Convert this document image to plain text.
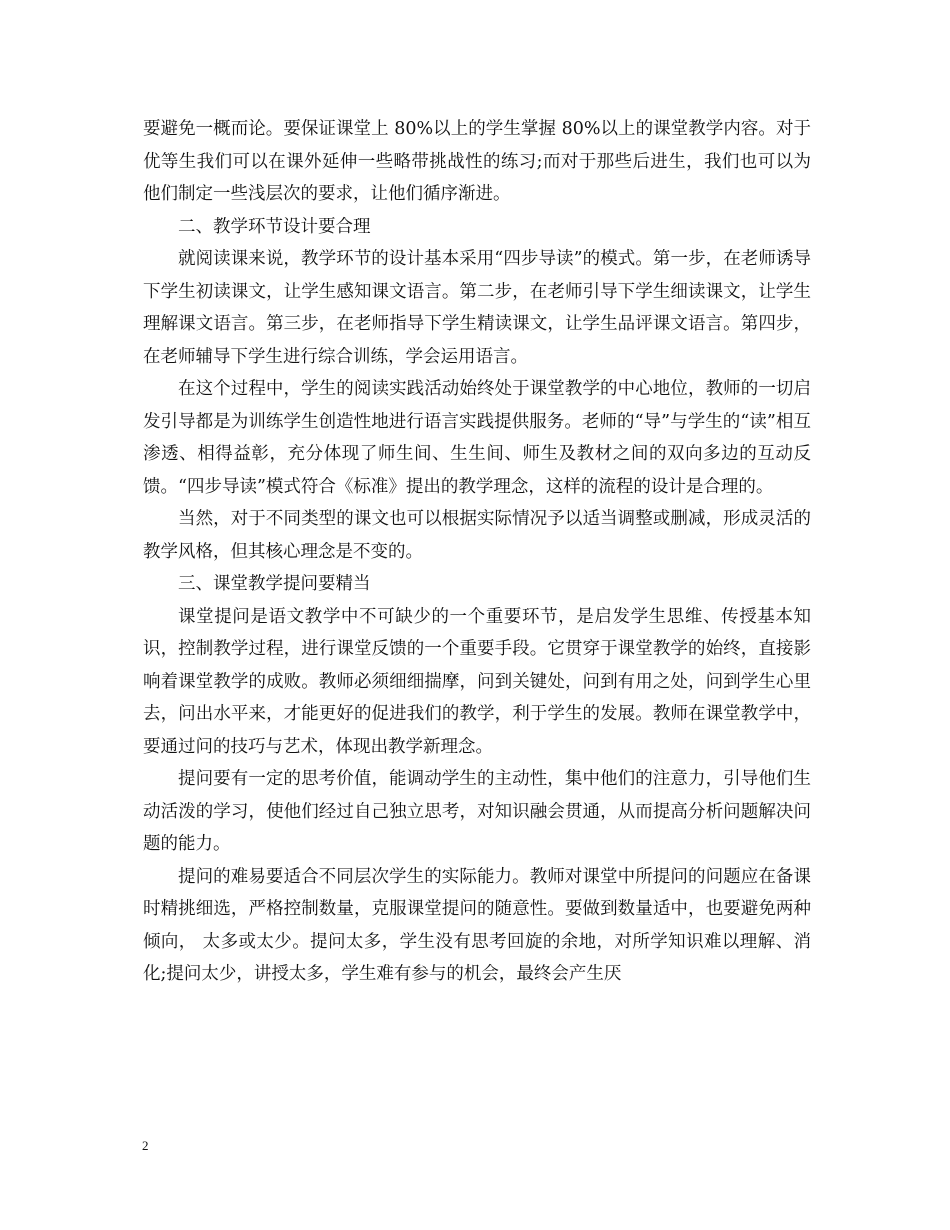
要避免一概而论。要保证课堂上 80%以上的学生掌握 80%以上的课堂教学内容。对于优等生我们可以在课外延伸一些略带挑战性的练习;而对于那些后进生，我们也可以为他们制定一些浅层次的要求，让他们循序渐进。

二、教学环节设计要合理

就阅读课来说，教学环节的设计基本采用“四步导读”的模式。第一步，在老师诱导下学生初读课文，让学生感知课文语言。第二步，在老师引导下学生细读课文，让学生理解课文语言。第三步，在老师指导下学生精读课文，让学生品评课文语言。第四步，在老师辅导下学生进行综合训练，学会运用语言。

在这个过程中，学生的阅读实践活动始终处于课堂教学的中心地位，教师的一切启发引导都是为训练学生创造性地进行语言实践提供服务。老师的“导”与学生的“读”相互渗透、相得益彰，充分体现了师生间、生生间、师生及教材之间的双向多边的互动反馈。“四步导读”模式符合《标准》提出的教学理念，这样的流程的设计是合理的。

当然，对于不同类型的课文也可以根据实际情况予以适当调整或删减，形成灵活的教学风格，但其核心理念是不变的。

三、课堂教学提问要精当

课堂提问是语文教学中不可缺少的一个重要环节，是启发学生思维、传授基本知识，控制教学过程，进行课堂反馈的一个重要手段。它贯穿于课堂教学的始终，直接影响着课堂教学的成败。教师必须细细揣摩，问到关键处，问到有用之处，问到学生心里去，问出水平来，才能更好的促进我们的教学，利于学生的发展。教师在课堂教学中，要通过问的技巧与艺术，体现出教学新理念。

提问要有一定的思考价值，能调动学生的主动性，集中他们的注意力，引导他们生动活泼的学习，使他们经过自己独立思考，对知识融会贯通，从而提高分析问题解决问题的能力。

提问的难易要适合不同层次学生的实际能力。教师对课堂中所提问的问题应在备课时精挑细选，严格控制数量，克服课堂提问的随意性。要做到数量适中，也要避免两种倾向， 太多或太少。提问太多，学生没有思考回旋的余地，对所学知识难以理解、消化;提问太少，讲授太多，学生难有参与的机会，最终会产生厌

2
